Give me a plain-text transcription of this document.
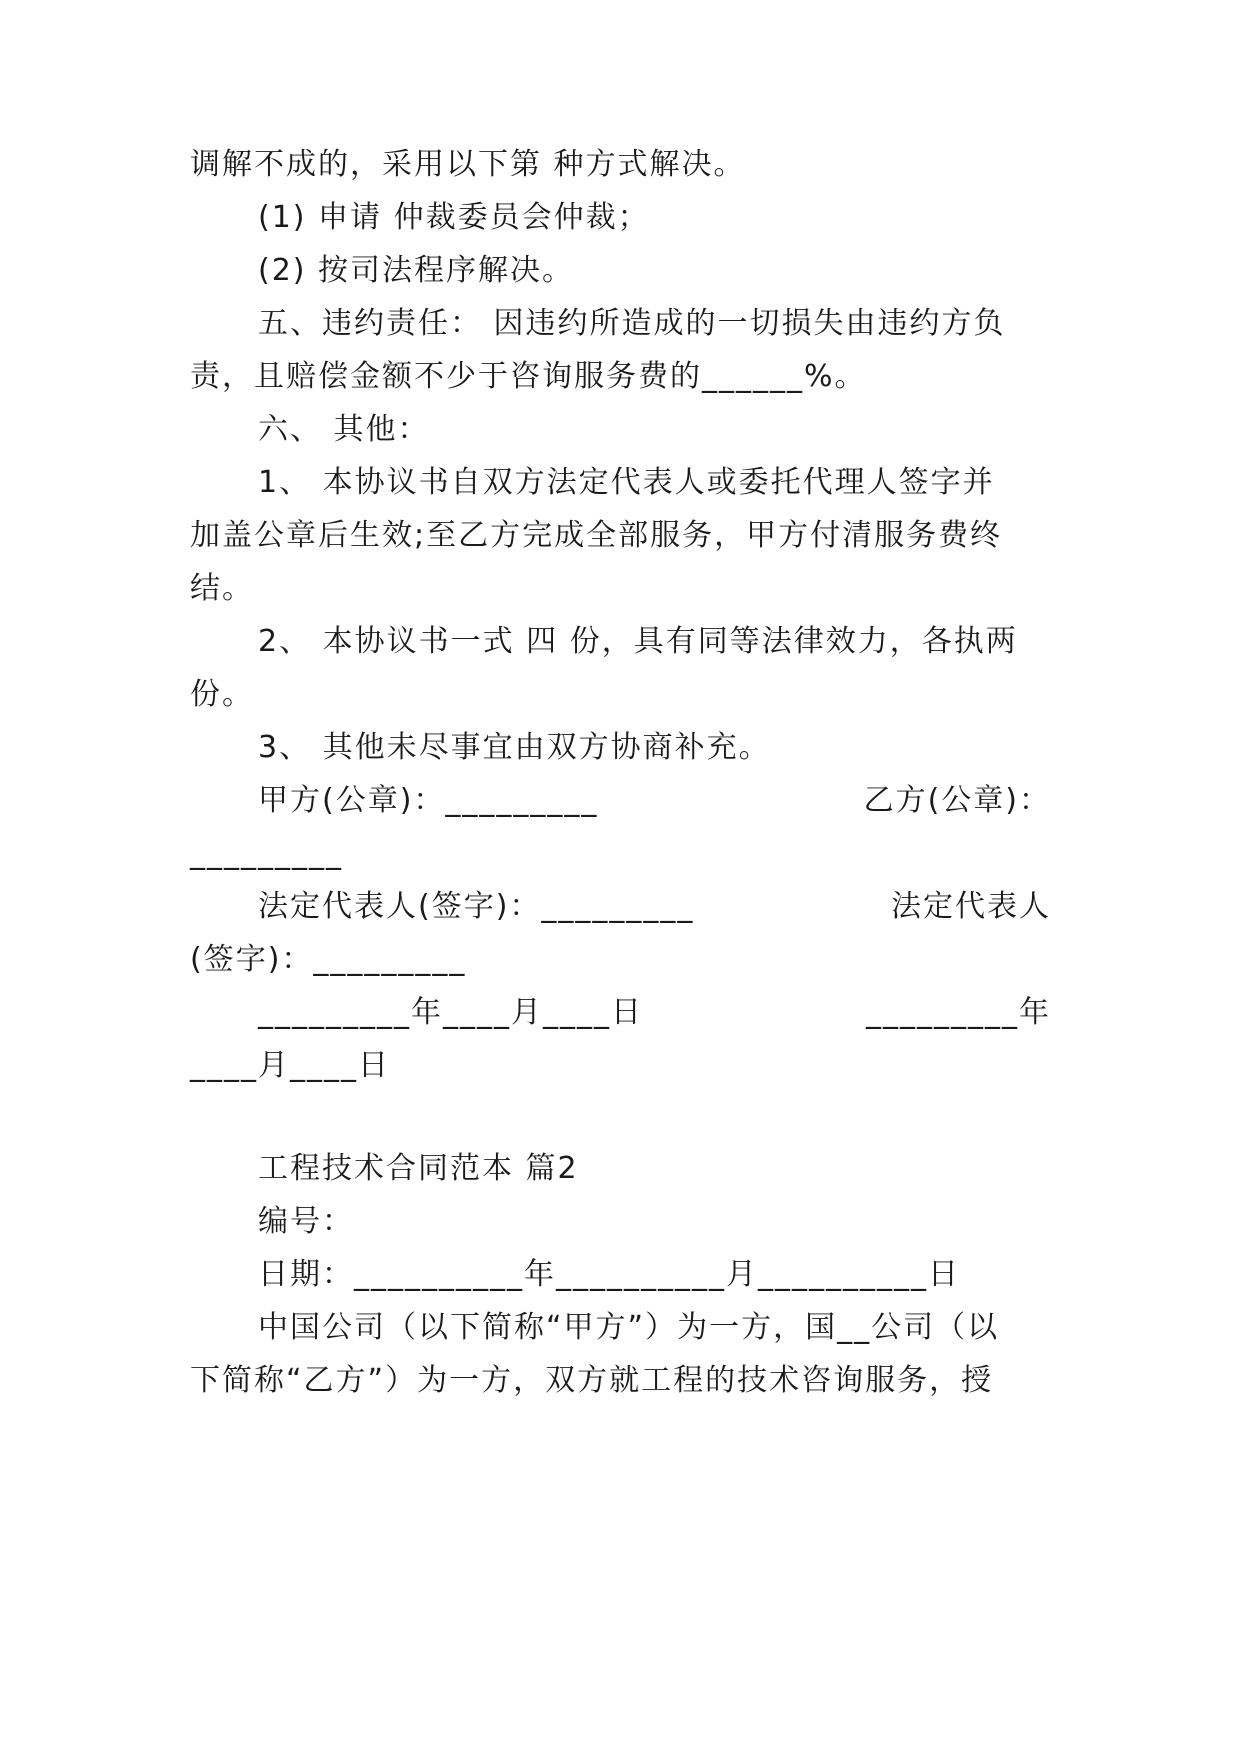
调解不成的，采用以下第 种方式解决。
(1) 申请 仲裁委员会仲裁；
(2) 按司法程序解决。
五、违约责任： 因违约所造成的一切损失由违约方负
责，且赔偿金额不少于咨询服务费的______%。
六、 其他：
1、 本协议书自双方法定代表人或委托代理人签字并
加盖公章后生效;至乙方完成全部服务，甲方付清服务费终
结。
2、 本协议书一式 四 份，具有同等法律效力，各执两
份。
3、 其他未尽事宜由双方协商补充。
甲方(公章)：_________	乙方(公章)：
_________
法定代表人(签字)：_________	法定代表人
(签字)：_________
_________年____月____日	_________年
____月____日
工程技术合同范本 篇2
编号：
日期：__________年__________月__________日
中国公司（以下简称“甲方”）为一方，国__公司（以
下简称“乙方”）为一方，双方就工程的技术咨询服务，授
